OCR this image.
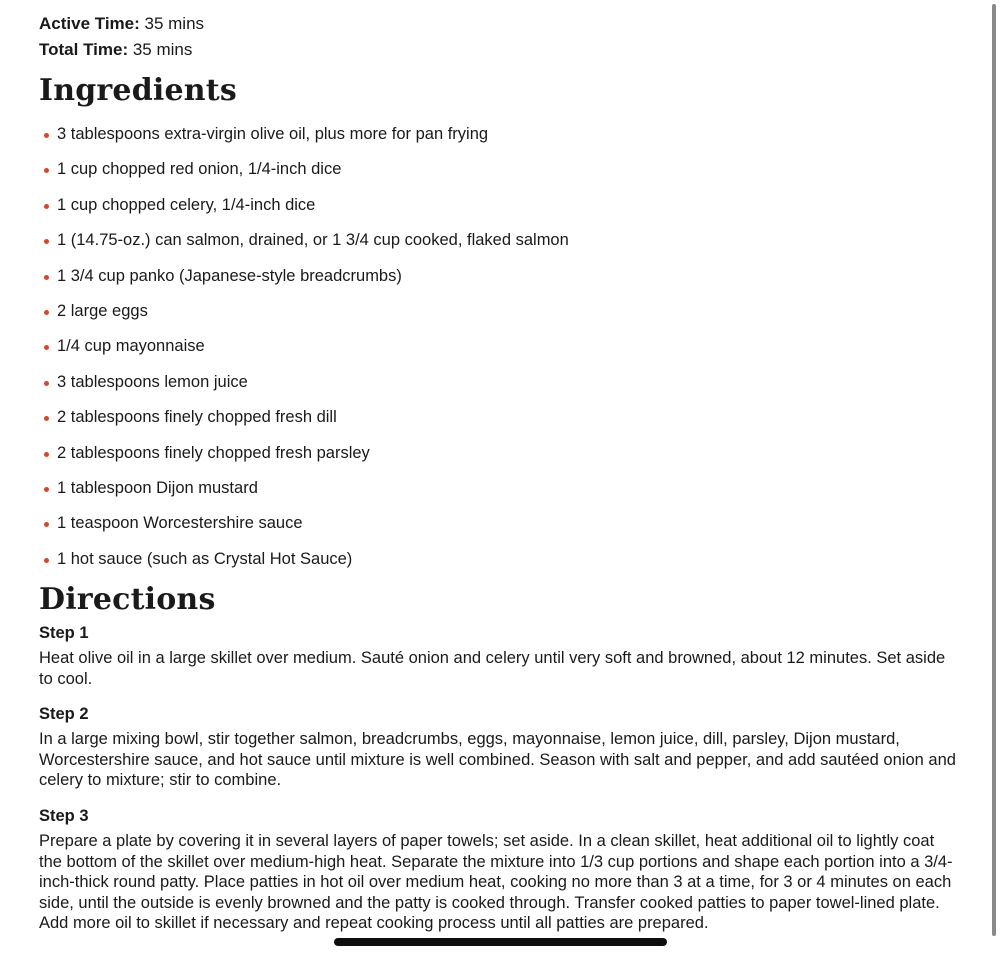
Active Time: 35 mins
Total Time: 35 mins
Ingredients
3 tablespoons extra-virgin olive oil, plus more for pan frying
1 cup chopped red onion, 1/4-inch dice
1 cup chopped celery, 1/4-inch dice
1 (14.75-oz.) can salmon, drained, or 1 3/4 cup cooked, flaked salmon
1 3/4 cup panko (Japanese-style breadcrumbs)
2 large eggs
1/4 cup mayonnaise
3 tablespoons lemon juice
2 tablespoons finely chopped fresh dill
2 tablespoons finely chopped fresh parsley
1 tablespoon Dijon mustard
1 teaspoon Worcestershire sauce
1 hot sauce (such as Crystal Hot Sauce)
Directions
Step 1
Heat olive oil in a large skillet over medium. Sauté onion and celery until very soft and browned, about 12 minutes. Set aside to cool.
Step 2
In a large mixing bowl, stir together salmon, breadcrumbs, eggs, mayonnaise, lemon juice, dill, parsley, Dijon mustard, Worcestershire sauce, and hot sauce until mixture is well combined. Season with salt and pepper, and add sautéed onion and celery to mixture; stir to combine.
Step 3
Prepare a plate by covering it in several layers of paper towels; set aside. In a clean skillet, heat additional oil to lightly coat the bottom of the skillet over medium-high heat. Separate the mixture into 1/3 cup portions and shape each portion into a 3/4-inch-thick round patty. Place patties in hot oil over medium heat, cooking no more than 3 at a time, for 3 or 4 minutes on each side, until the outside is evenly browned and the patty is cooked through. Transfer cooked patties to paper towel-lined plate. Add more oil to skillet if necessary and repeat cooking process until all patties are prepared.
